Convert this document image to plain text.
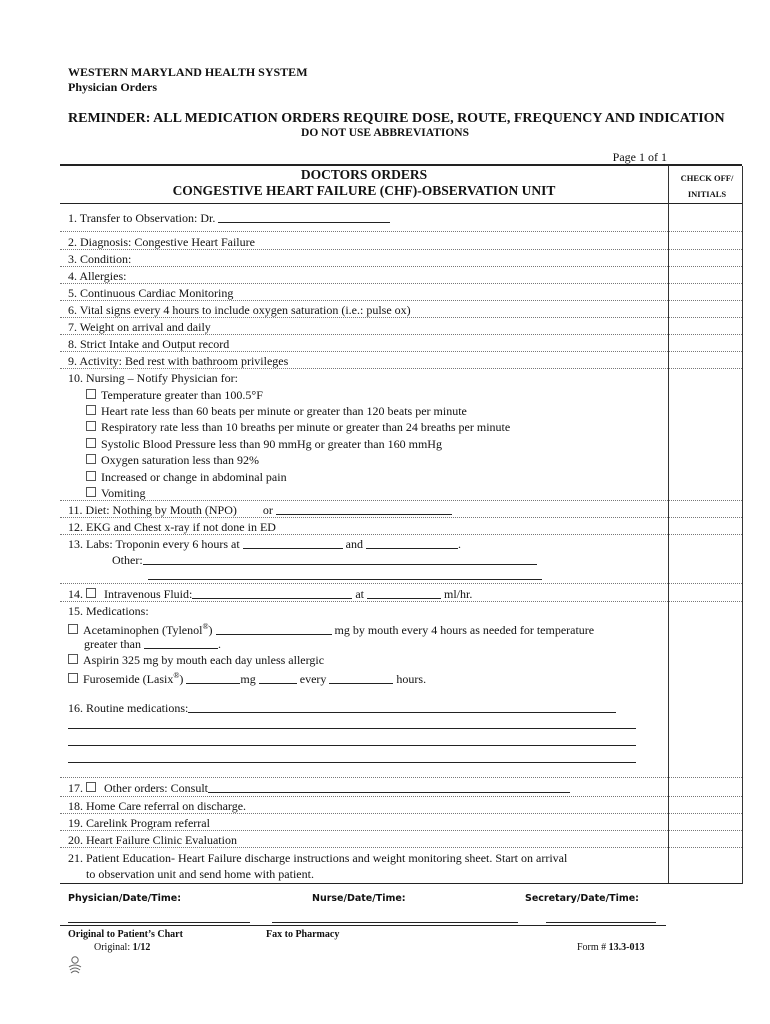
WESTERN MARYLAND HEALTH SYSTEM
Physician Orders
REMINDER: ALL MEDICATION ORDERS REQUIRE DOSE, ROUTE, FREQUENCY AND INDICATION
DO NOT USE ABBREVIATIONS
Page 1 of 1
DOCTORS ORDERS
CONGESTIVE HEART FAILURE (CHF)-OBSERVATION UNIT
CHECK OFF/
INITIALS
1. Transfer to Observation: Dr.
2. Diagnosis: Congestive Heart Failure
3. Condition:
4. Allergies:
5. Continuous Cardiac Monitoring
6. Vital signs every 4 hours to include oxygen saturation (i.e.: pulse ox)
7. Weight on arrival and daily
8. Strict Intake and Output record
9. Activity: Bed rest with bathroom privileges
10. Nursing – Notify Physician for:
Temperature greater than 100.5°F
Heart rate less than 60 beats per minute or greater than 120 beats per minute
Respiratory rate less than 10 breaths per minute or greater than 24 breaths per minute
Systolic Blood Pressure less than 90 mmHg or greater than 160 mmHg
Oxygen saturation less than 92%
Increased or change in abdominal pain
Vomiting
11. Diet: Nothing by Mouth (NPO) or
12. EKG and Chest x-ray if not done in ED
13. Labs: Troponin every 6 hours at	and	.
Other:
14. Intravenous Fluid:	at	ml/hr.
15. Medications:
Acetaminophen (Tylenol®)	mg by mouth every 4 hours as needed for temperature
greater than	.
Aspirin 325 mg by mouth each day unless allergic
Furosemide (Lasix®)	mg	every	hours.
16. Routine medications:
17. Other orders: Consult
18. Home Care referral on discharge.
19. Carelink Program referral
20. Heart Failure Clinic Evaluation
21. Patient Education- Heart Failure discharge instructions and weight monitoring sheet. Start on arrival
to observation unit and send home with patient.
Physician/Date/Time:	Nurse/Date/Time:	Secretary/Date/Time:
Original to Patient’s Chart	Fax to Pharmacy
Original: 1/12	Form # 13.3-013
